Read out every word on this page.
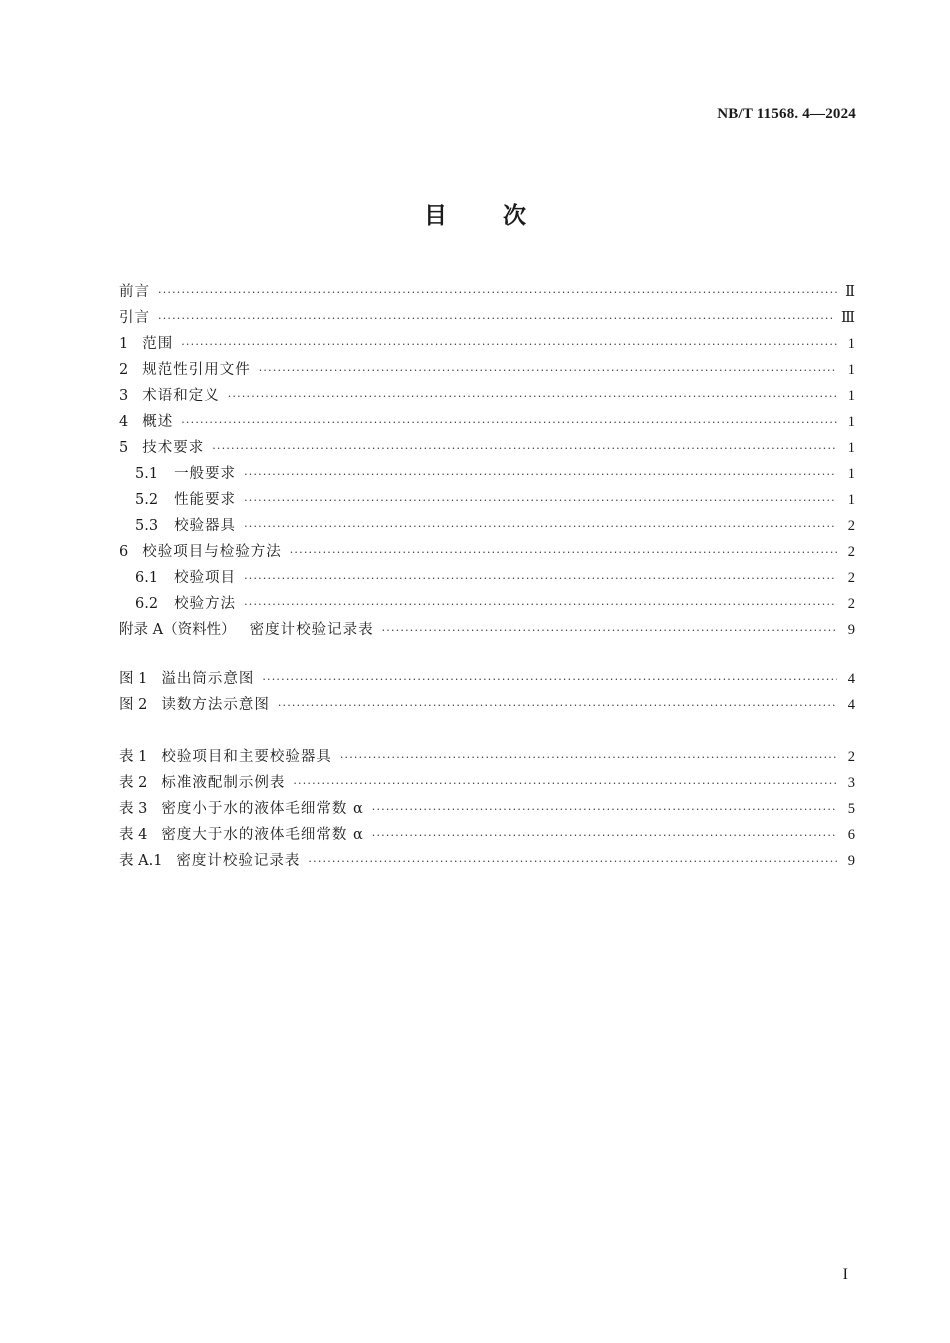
NB/T 11568. 4—2024
目 次
前言 ·····	Ⅱ
引言 ·····	Ⅲ
1 范围 ·····	1
2 规范性引用文件 ·····	1
3 术语和定义 ·····	1
4 概述 ·····	1
5 技术要求 ·····	1
5.1 一般要求 ·····	1
5.2 性能要求 ·····	1
5.3 校验器具 ·····	2
6 校验项目与检验方法 ·····	2
6.1 校验项目 ·····	2
6.2 校验方法 ·····	2
附录 A（资料性） 密度计校验记录表 ·····	9
图 1 溢出筒示意图 ·····	4
图 2 读数方法示意图 ·····	4
表 1 校验项目和主要校验器具 ·····	2
表 2 标准液配制示例表 ·····	3
表 3 密度小于水的液体毛细常数 α ·····	5
表 4 密度大于水的液体毛细常数 α ·····	6
表 A.1 密度计校验记录表 ·····	9
I
